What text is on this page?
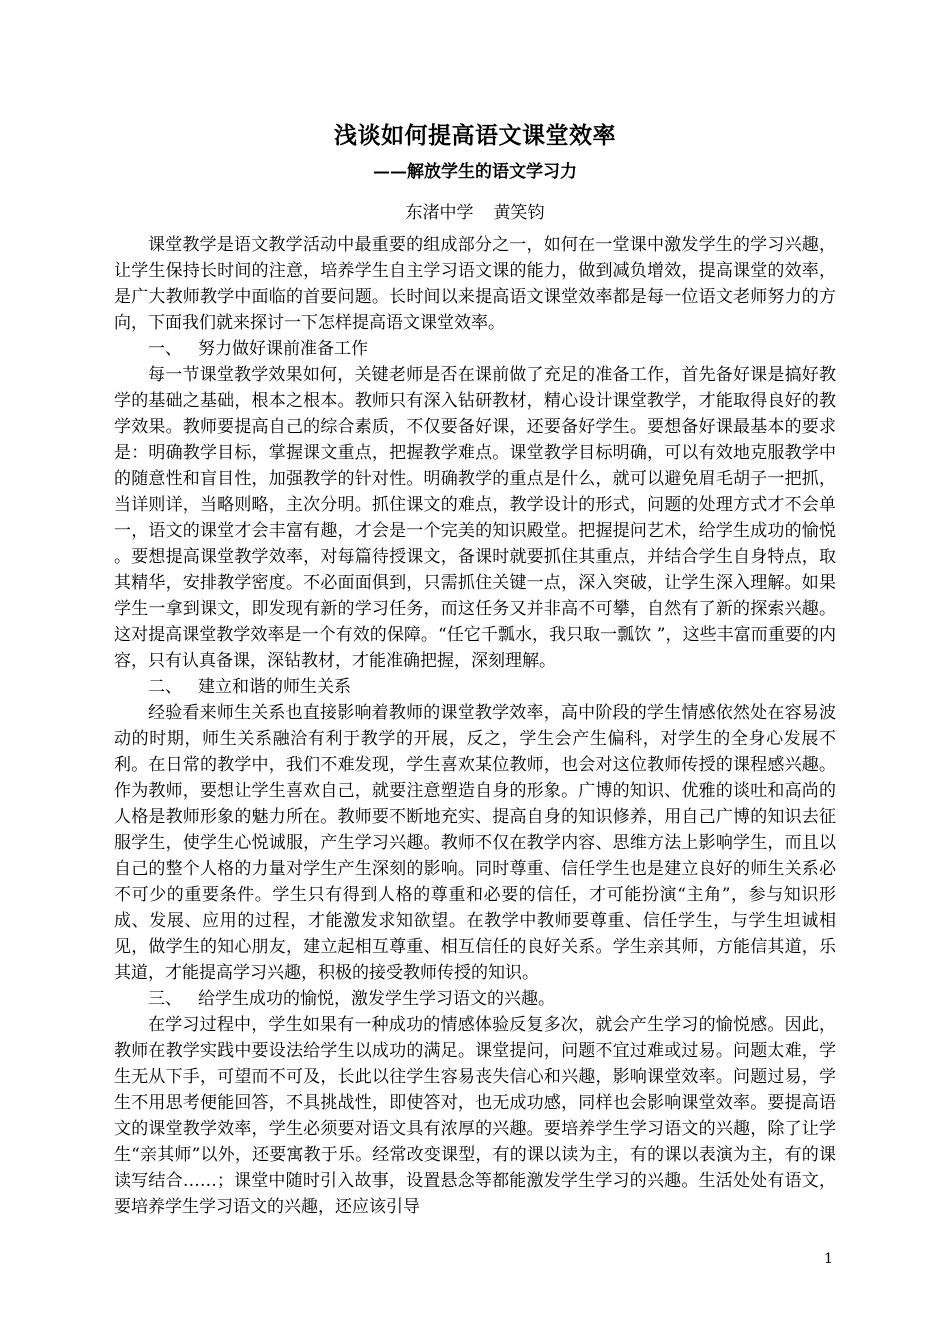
浅谈如何提高语文课堂效率
——解放学生的语文学习力
东渚中学 黄笑钧

课堂教学是语文教学活动中最重要的组成部分之一，如何在一堂课中激发学生的学习兴趣，让学生保持长时间的注意，培养学生自主学习语文课的能力，做到减负增效，提高课堂的效率，是广大教师教学中面临的首要问题。长时间以来提高语文课堂效率都是每一位语文老师努力的方向，下面我们就来探讨一下怎样提高语文课堂效率。

一、 努力做好课前准备工作

每一节课堂教学效果如何，关键老师是否在课前做了充足的准备工作，首先备好课是搞好教学的基础之基础，根本之根本。教师只有深入钻研教材，精心设计课堂教学，才能取得良好的教学效果。教师要提高自己的综合素质，不仅要备好课，还要备好学生。要想备好课最基本的要求是：明确教学目标，掌握课文重点，把握教学难点。课堂教学目标明确，可以有效地克服教学中的随意性和盲目性，加强教学的针对性。明确教学的重点是什么，就可以避免眉毛胡子一把抓，当详则详，当略则略，主次分明。抓住课文的难点，教学设计的形式，问题的处理方式才不会单一，语文的课堂才会丰富有趣，才会是一个完美的知识殿堂。把握提问艺术，给学生成功的愉悦 。要想提高课堂教学效率，对每篇待授课文，备课时就要抓住其重点，并结合学生自身特点，取其精华，安排教学密度。不必面面俱到，只需抓住关键一点，深入突破，让学生深入理解。如果学生一拿到课文，即发现有新的学习任务，而这任务又并非高不可攀，自然有了新的探索兴趣。这对提高课堂教学效率是一个有效的保障。“任它千瓢水，我只取一瓢饮 ”，这些丰富而重要的内容，只有认真备课，深钻教材，才能准确把握，深刻理解。

二、 建立和谐的师生关系

经验看来师生关系也直接影响着教师的课堂教学效率，高中阶段的学生情感依然处在容易波动的时期，师生关系融洽有利于教学的开展，反之，学生会产生偏科，对学生的全身心发展不利。在日常的教学中，我们不难发现，学生喜欢某位教师，也会对这位教师传授的课程感兴趣。作为教师，要想让学生喜欢自己，就要注意塑造自身的形象。广博的知识、优雅的谈吐和高尚的人格是教师形象的魅力所在。教师要不断地充实、提高自身的知识修养，用自己广博的知识去征服学生，使学生心悦诚服，产生学习兴趣。教师不仅在教学内容、思维方法上影响学生，而且以自己的整个人格的力量对学生产生深刻的影响。同时尊重、信任学生也是建立良好的师生关系必不可少的重要条件。学生只有得到人格的尊重和必要的信任，才可能扮演“主角”，参与知识形成、发展、应用的过程，才能激发求知欲望。在教学中教师要尊重、信任学生，与学生坦诚相见，做学生的知心朋友，建立起相互尊重、相互信任的良好关系。学生亲其师，方能信其道，乐其道，才能提高学习兴趣，积极的接受教师传授的知识。

三、 给学生成功的愉悦，激发学生学习语文的兴趣。

在学习过程中，学生如果有一种成功的情感体验反复多次，就会产生学习的愉悦感。因此，教师在教学实践中要设法给学生以成功的满足。课堂提问，问题不宜过难或过易。问题太难，学生无从下手，可望而不可及，长此以往学生容易丧失信心和兴趣，影响课堂效率。问题过易，学生不用思考便能回答，不具挑战性，即使答对，也无成功感，同样也会影响课堂效率。要提高语文的课堂教学效率，学生必须要对语文具有浓厚的兴趣。要培养学生学习语文的兴趣，除了让学生“亲其师”以外，还要寓教于乐。经常改变课型，有的课以读为主，有的课以表演为主，有的课读写结合……；课堂中随时引入故事，设置悬念等都能激发学生学习的兴趣。生活处处有语文，要培养学生学习语文的兴趣，还应该引导

1
